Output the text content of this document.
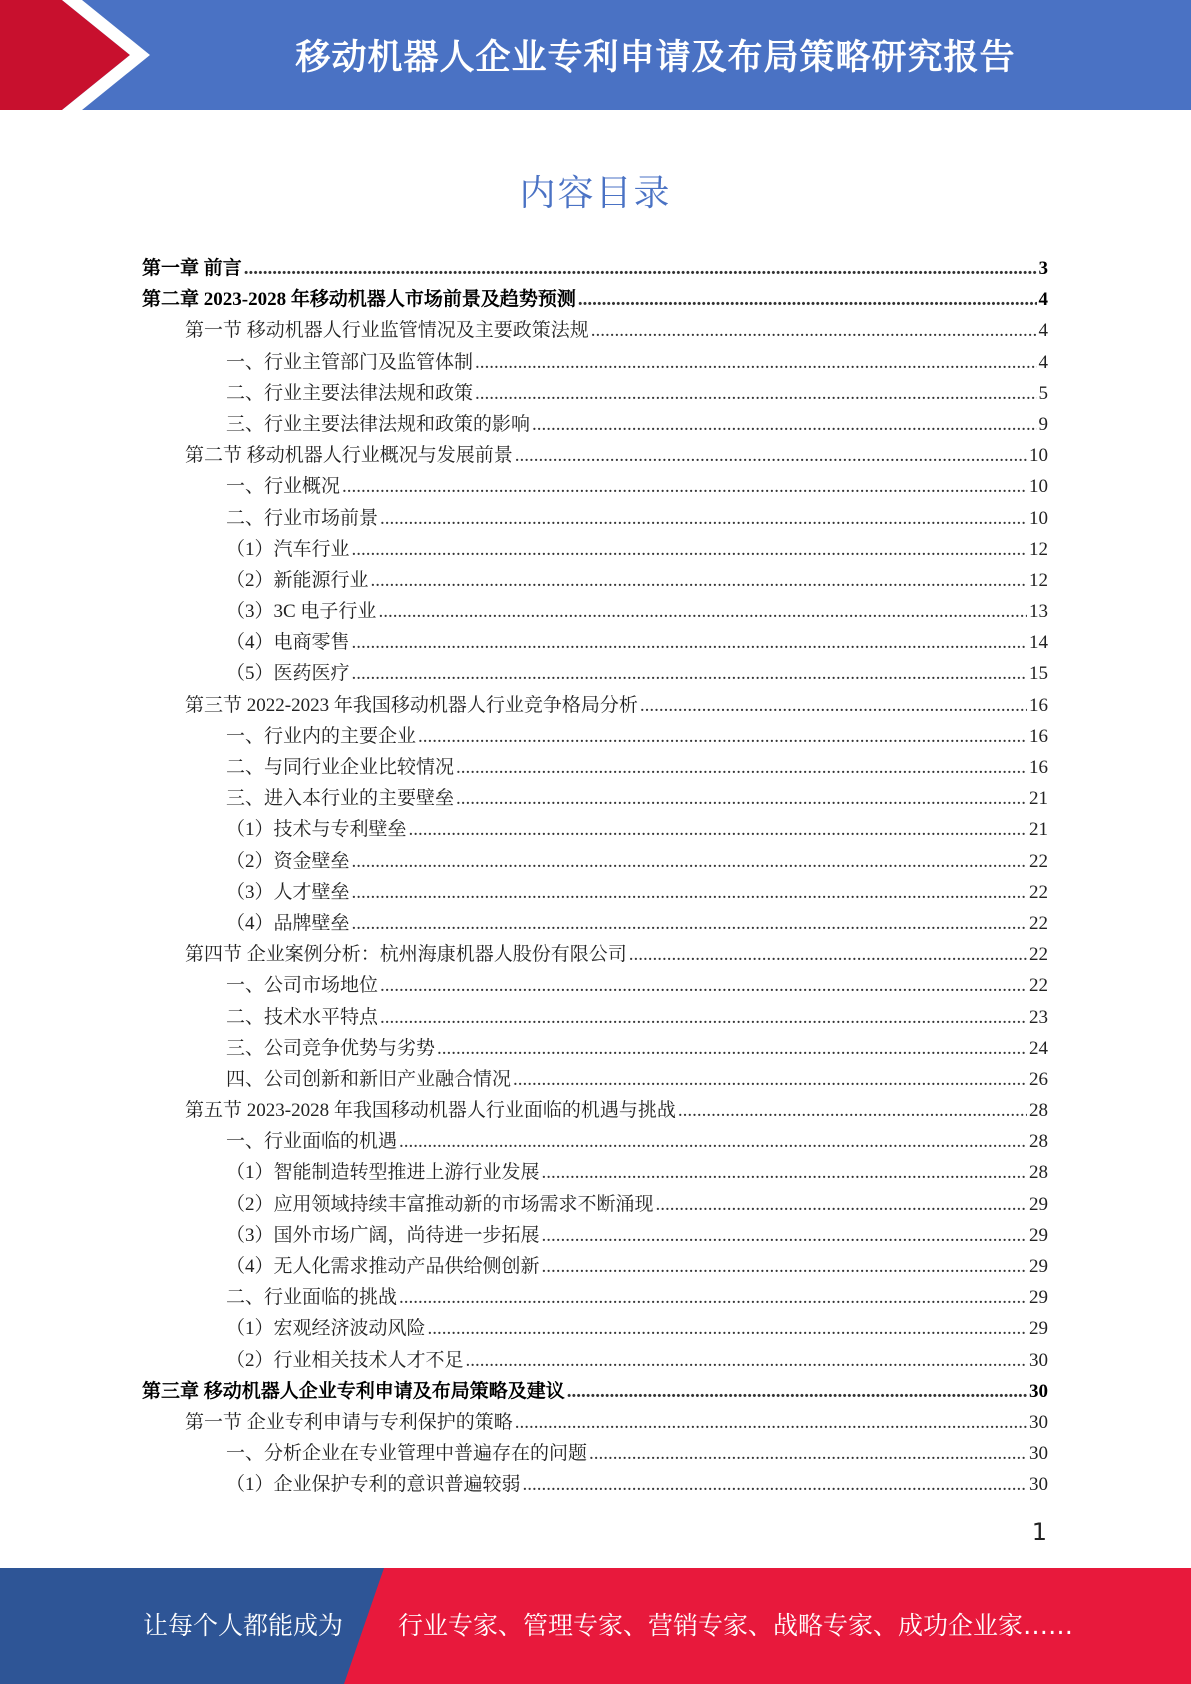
移动机器人企业专利申请及布局策略研究报告
内容目录
第一章 前言 .....	3
第二章 2023-2028 年移动机器人市场前景及趋势预测 .....	4
第一节 移动机器人行业监管情况及主要政策法规 .....	4
一、行业主管部门及监管体制 .....	4
二、行业主要法律法规和政策 .....	5
三、行业主要法律法规和政策的影响 .....	9
第二节 移动机器人行业概况与发展前景 .....	10
一、行业概况 .....	10
二、行业市场前景 .....	10
（1）汽车行业 .....	12
（2）新能源行业 .....	12
（3）3C 电子行业 .....	13
（4）电商零售 .....	14
（5）医药医疗 .....	15
第三节 2022-2023 年我国移动机器人行业竞争格局分析 .....	16
一、行业内的主要企业 .....	16
二、与同行业企业比较情况 .....	16
三、进入本行业的主要壁垒 .....	21
（1）技术与专利壁垒 .....	21
（2）资金壁垒 .....	22
（3）人才壁垒 .....	22
（4）品牌壁垒 .....	22
第四节 企业案例分析：杭州海康机器人股份有限公司 .....	22
一、公司市场地位 .....	22
二、技术水平特点 .....	23
三、公司竞争优势与劣势 .....	24
四、公司创新和新旧产业融合情况 .....	26
第五节 2023-2028 年我国移动机器人行业面临的机遇与挑战 .....	28
一、行业面临的机遇 .....	28
（1）智能制造转型推进上游行业发展 .....	28
（2）应用领域持续丰富推动新的市场需求不断涌现 .....	29
（3）国外市场广阔，尚待进一步拓展 .....	29
（4）无人化需求推动产品供给侧创新 .....	29
二、行业面临的挑战 .....	29
（1）宏观经济波动风险 .....	29
（2）行业相关技术人才不足 .....	30
第三章 移动机器人企业专利申请及布局策略及建议 .....	30
第一节 企业专利申请与专利保护的策略 .....	30
一、分析企业在专业管理中普遍存在的问题 .....	30
（1）企业保护专利的意识普遍较弱 .....	30
1
让每个人都能成为 行业专家、管理专家、营销专家、战略专家、成功企业家……
